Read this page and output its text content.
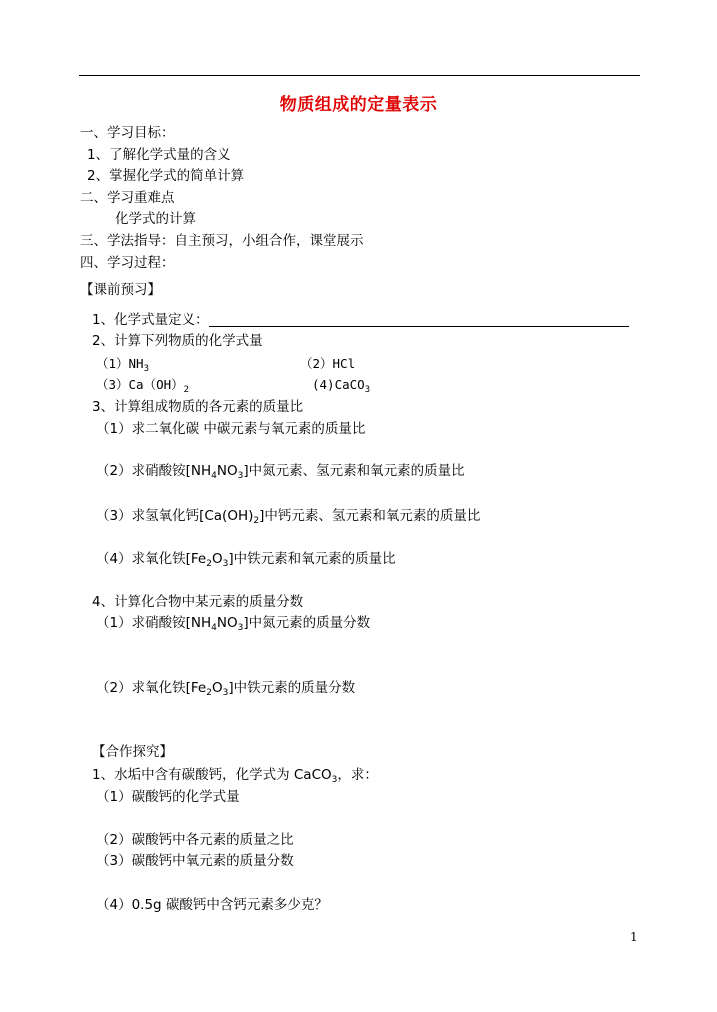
物质组成的定量表示
一、学习目标：
1、了解化学式量的含义
2、掌握化学式的简单计算
二、学习重难点
化学式的计算
三、学法指导：自主预习，小组合作，课堂展示
四、学习过程：
【课前预习】
1、化学式量定义：
2、计算下列物质的化学式量
$(1)NH_3$	（2）HCl
$(3)Ca(OH)_2$	(4)CaCO$_3$
3、计算组成物质的各元素的质量比
（1）求二氧化碳 中碳元素与氧元素的质量比
（2）求硝酸铵$[NH_4NO_3]$中氮元素、氢元素和氧元素的质量比
（3）求氢氧化钙$[Ca(OH)_2]$中钙元素、氢元素和氧元素的质量比
（4）求氧化铁$[Fe_2O_3]$中铁元素和氧元素的质量比
4、计算化合物中某元素的质量分数
（1）求硝酸铵$[NH_4NO_3]$中氮元素的质量分数
（2）求氧化铁$[Fe_2O_3]$中铁元素的质量分数
【合作探究】
1、水垢中含有碳酸钙，化学式为 CaCO$_3$，求：
（1）碳酸钙的化学式量
（2）碳酸钙中各元素的质量之比
（3）碳酸钙中氧元素的质量分数
（4）0.5g 碳酸钙中含钙元素多少克？
1
